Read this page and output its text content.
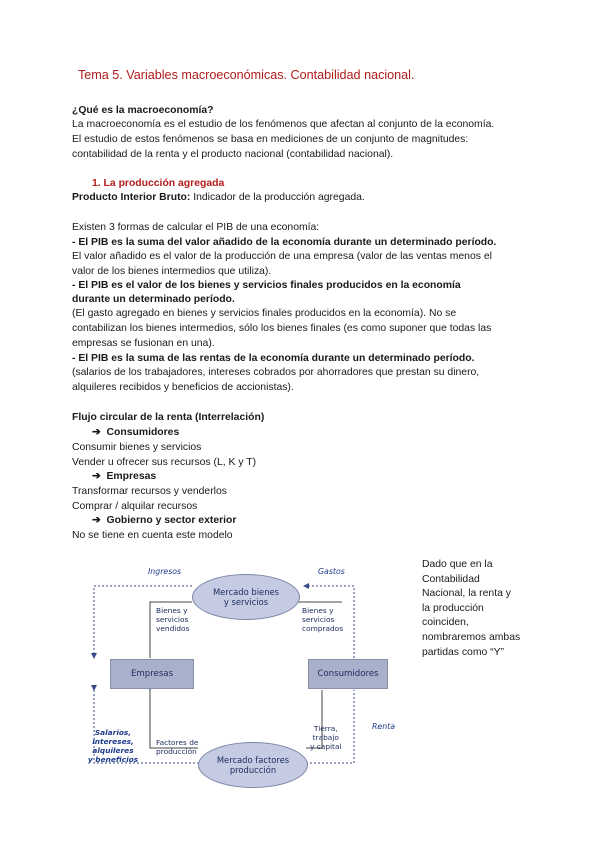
Tema 5. Variables macroeconómicas. Contabilidad nacional.
¿Qué es la macroeconomía?
La macroeconomía es el estudio de los fenómenos que afectan al conjunto de la economía.
El estudio de estos fenómenos se basa en mediciones de un conjunto de magnitudes:
contabilidad de la renta y el producto nacional (contabilidad nacional).
1. La producción agregada
Producto Interior Bruto: Indicador de la producción agregada.
Existen 3 formas de calcular el PIB de una economía:
- El PIB es la suma del valor añadido de la economía durante un determinado período.
El valor añadido es el valor de la producción de una empresa (valor de las ventas menos el
valor de los bienes intermedios que utiliza).
- El PIB es el valor de los bienes y servicios finales producidos en la economía
durante un determinado período.
(El gasto agregado en bienes y servicios finales producidos en la economía). No se
contabilizan los bienes intermedios, sólo los bienes finales (es como suponer que todas las
empresas se fusionan en una).
- El PIB es la suma de las rentas de la economía durante un determinado período.
(salarios de los trabajadores, intereses cobrados por ahorradores que prestan su dinero,
alquileres recibidos y beneficios de accionistas).
Flujo circular de la renta (Interrelación)
➔ Consumidores
Consumir bienes y servicios
Vender u ofrecer sus recursos (L, K y T)
➔ Empresas
Transformar recursos y venderlos
Comprar / alquilar recursos
➔ Gobierno y sector exterior
No se tiene en cuenta este modelo
Dado que en la
Contabilidad
Nacional, la renta y
la producción
coinciden,
nombraremos ambas
partidas como “Y”
Ingresos	Gastos
Mercado bienes
y servicios
Bienes y
servicios
vendidos
Bienes y
servicios
comprados
Empresas	Consumidores
Salarios,
intereses,
alquileres
y beneficios
Renta
Factores de
producción
Tierra,
trabajo
y capital
Mercado factores
producción
